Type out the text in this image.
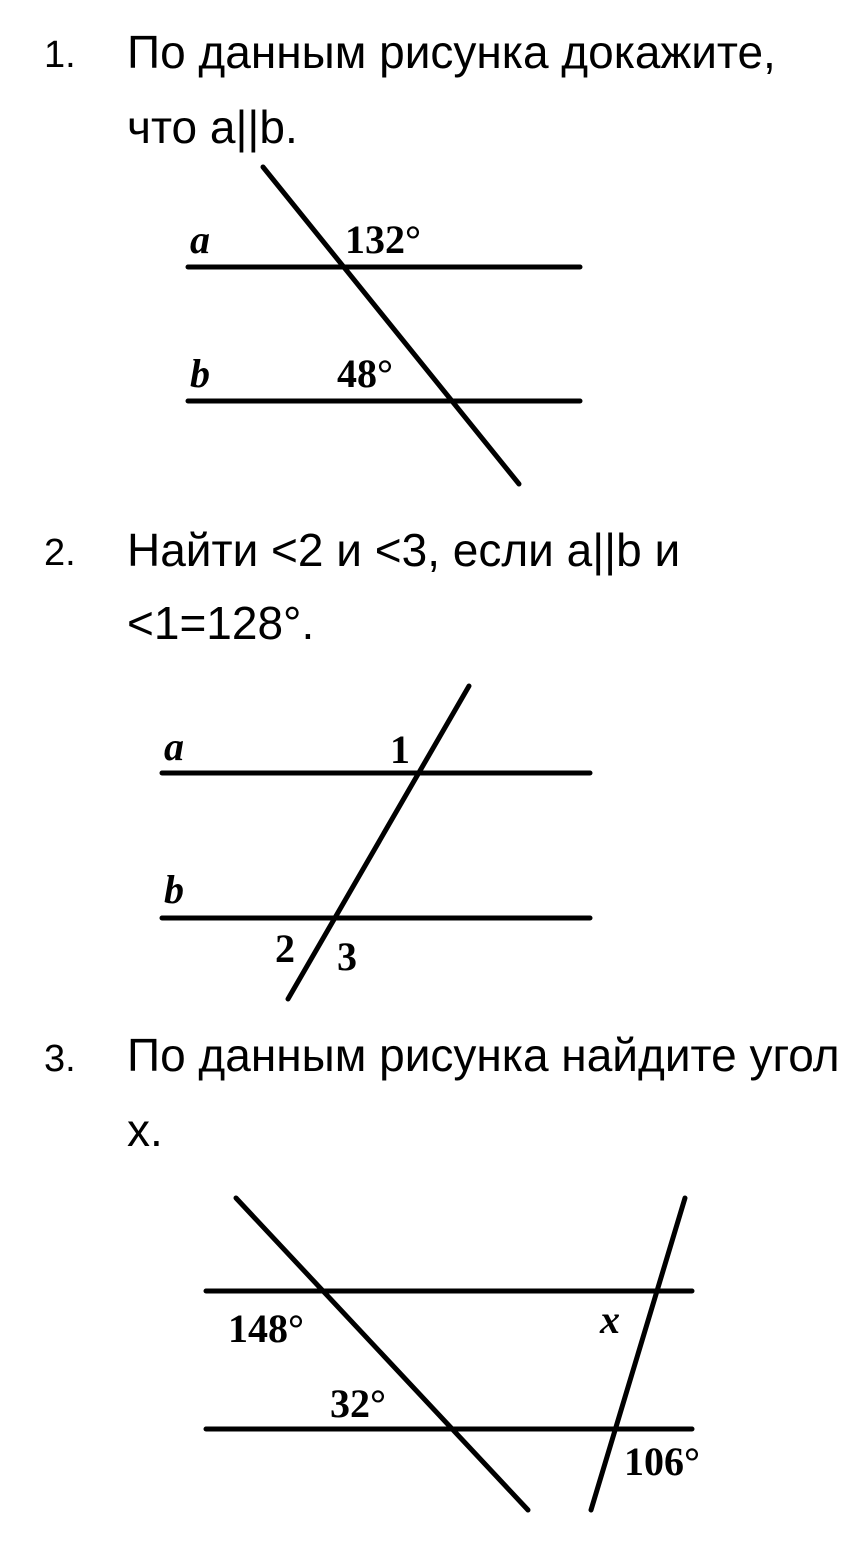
1. По данным рисунка докажите,
что a||b.
a
b
132°
48°
2. Найти <2 и <3, если a||b и
<1=128°.
a
b
1
2 3
3. По данным рисунка найдите угол
x.
148°
32°
x
106°
